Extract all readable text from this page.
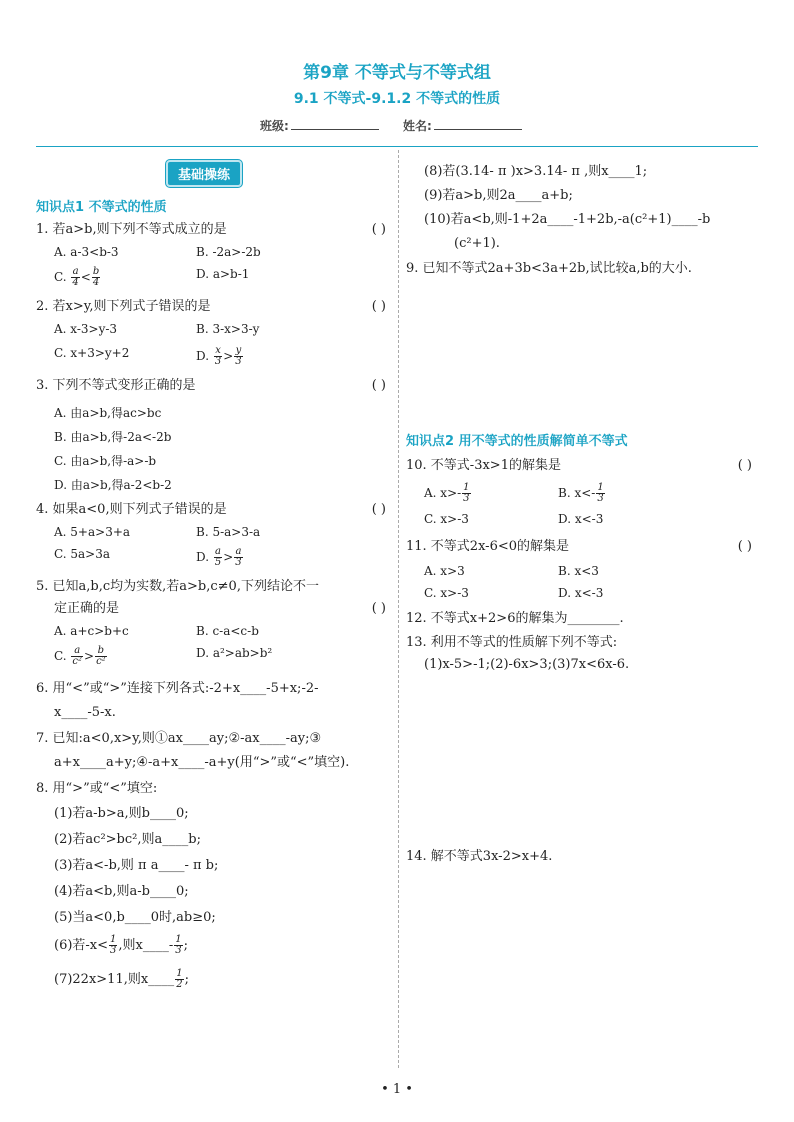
第9章 不等式与不等式组
9.1 不等式-9.1.2 不等式的性质
班级:	姓名:
基础操练
知识点1 不等式的性质
1. 若a>b,则下列不等式成立的是	( )
A. a-3<b-3	B. -2a>-2b
C. $\frac{a}{4} < \frac{b}{4}$	D. a>b-1
2. 若x>y,则下列式子错误的是	( )
A. x-3>y-3	B. 3-x>3-y
C. x+3>y+2	D. $\frac{x}{3} > \frac{y}{3}$
3. 下列不等式变形正确的是	( )
A. 由a>b,得ac>bc
B. 由a>b,得-2a<-2b
C. 由a>b,得-a>-b
D. 由a>b,得a-2<b-2
4. 如果a<0,则下列式子错误的是	( )
A. 5+a>3+a	B. 5-a>3-a
C. 5a>3a	D. $\frac{a}{5} > \frac{a}{3}$
5. 已知a,b,c均为实数,若a>b,c≠0,下列结论不一
定正确的是	( )
A. a+c>b+c	B. c-a<c-b
C. $\frac{a}{\text{c²}} > \frac{b}{\text{c²}}$	D. a²>ab>b²
6. 用“<”或“>”连接下列各式:-2+x____-5+x;-2-
x____-5-x.
7. 已知:a<0,x>y,则①ax____ay;②-ax____-ay;③
a+x____a+y;④-a+x____-a+y(用“>”或“<”填空).
8. 用“>”或“<”填空:
(1)若a-b>a,则b____0;
(2)若ac²>bc²,则a____b;
(3)若a<-b,则 π a____- π b;
(4)若a<b,则a-b____0;
(5)当a<0,b____0时,ab≥0;
(6)若$-x< \frac{1}{3}$ ,则x____- $\frac{1}{3}$ ;
(7)22x>11,则x____ $\frac{1}{2}$ ;
(8)若(3.14- π )x>3.14- π ,则x____1;
(9)若a>b,则2a____a+b;
(10)若a<b,则-1+2a____-1+2b,-a(c²+1)____-b
(c²+1).
9. 已知不等式2a+3b<3a+2b,试比较a,b的大小.
知识点2 用不等式的性质解简单不等式
10. 不等式-3x>1的解集是	( )
A. $x>- \frac{1}{3}$	B. $x<- \frac{1}{3}$
C. x>-3	D. x<-3
11. 不等式2x-6<0的解集是	( )
A. x>3	B. x<3
C. x>-3	D. x<-3
12. 不等式x+2>6的解集为________.
13. 利用不等式的性质解下列不等式:
(1)x-5>-1;(2)-6x>3;(3)7x<6x-6.
14. 解不等式3x-2>x+4.
• 1 •
